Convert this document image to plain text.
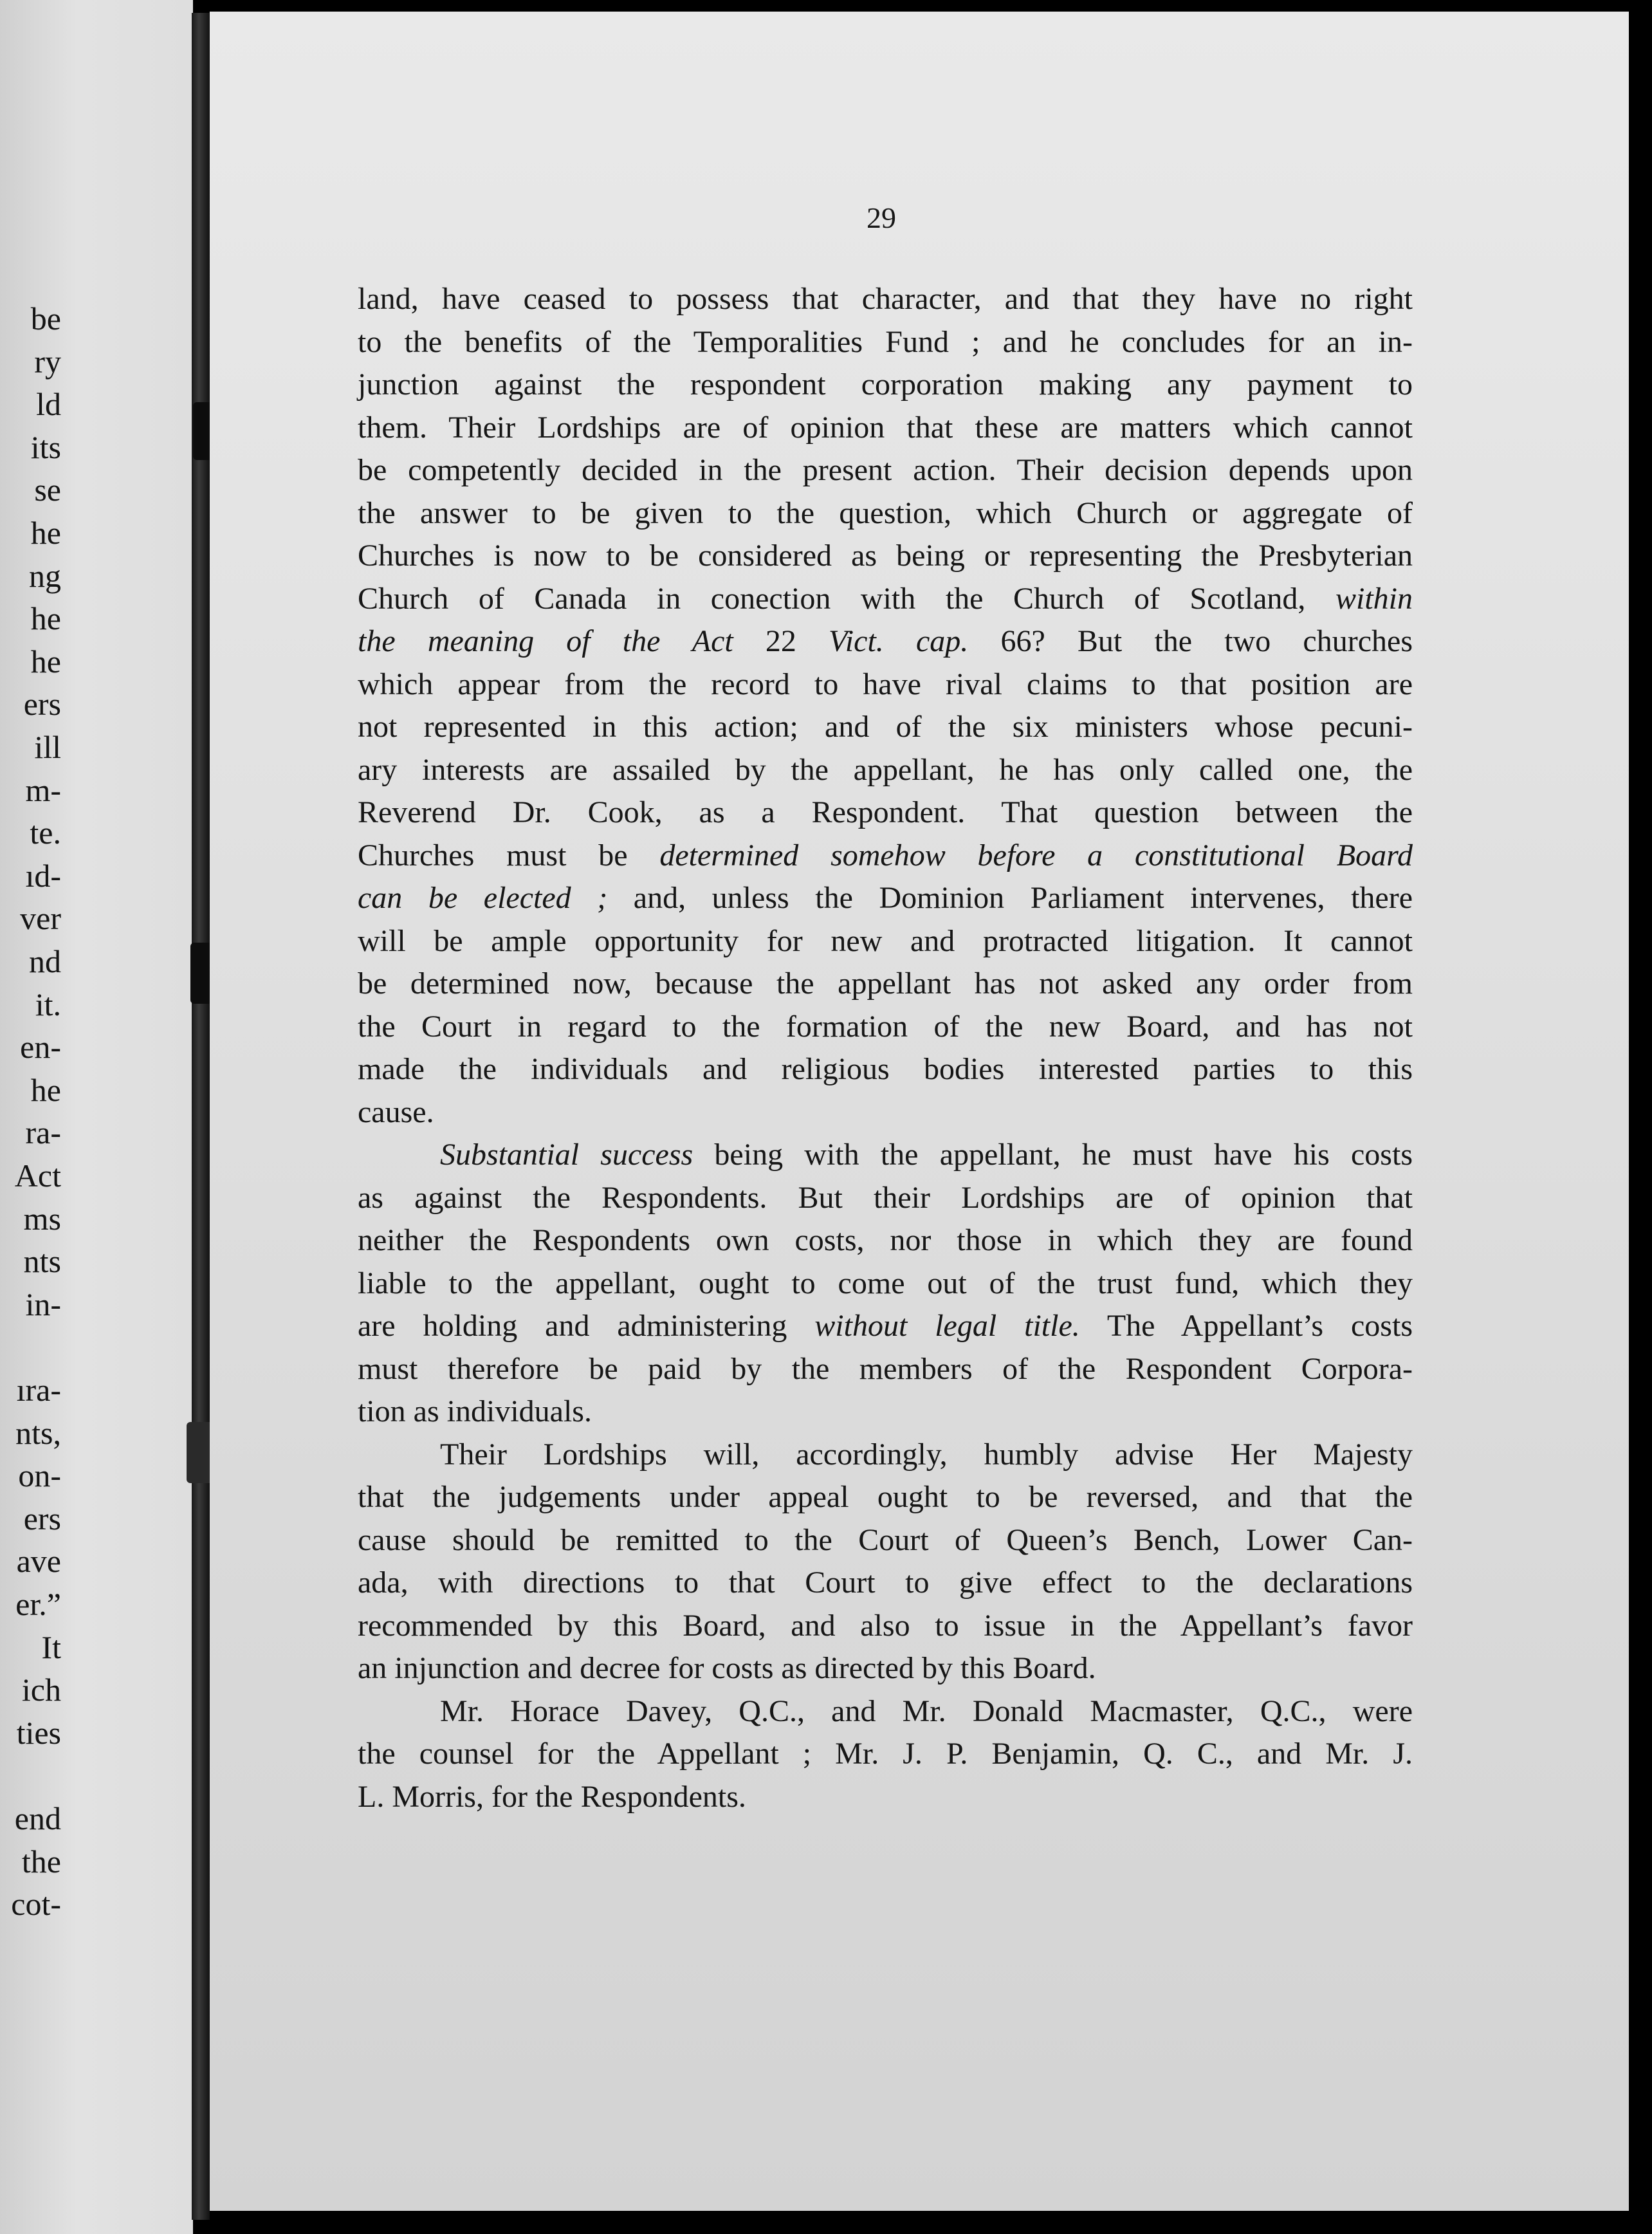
be
ry
ld
its
se
he
ng
he
he
ers
ill
m-
te.
ıd-
ver
nd
it.
en-
he
ra-
Act
ms
nts
in-
ıra-
nts,
on-
ers
ave
er.”
It
ich
ties
end
the
cot-
29
land, have ceased to possess that character, and that they have no right
to the benefits of the Temporalities Fund ; and he concludes for an in-
junction against the respondent corporation making any payment to
them. Their Lordships are of opinion that these are matters which cannot
be competently decided in the present action. Their decision depends upon
the answer to be given to the question, which Church or aggregate of
Churches is now to be considered as being or representing the Presbyterian
Church of Canada in conection with the Church of Scotland, within
the meaning of the Act 22 Vict. cap. 66? But the two churches
which appear from the record to have rival claims to that position are
not represented in this action; and of the six ministers whose pecuni-
ary interests are assailed by the appellant, he has only called one, the
Reverend Dr. Cook, as a Respondent. That question between the
Churches must be determined somehow before a constitutional Board
can be elected ; and, unless the Dominion Parliament intervenes, there
will be ample opportunity for new and protracted litigation. It cannot
be determined now, because the appellant has not asked any order from
the Court in regard to the formation of the new Board, and has not
made the individuals and religious bodies interested parties to this
cause.
Substantial success being with the appellant, he must have his costs
as against the Respondents. But their Lordships are of opinion that
neither the Respondents own costs, nor those in which they are found
liable to the appellant, ought to come out of the trust fund, which they
are holding and administering without legal title. The Appellant’s costs
must therefore be paid by the members of the Respondent Corpora-
tion as individuals.
Their Lordships will, accordingly, humbly advise Her Majesty
that the judgements under appeal ought to be reversed, and that the
cause should be remitted to the Court of Queen’s Bench, Lower Can-
ada, with directions to that Court to give effect to the declarations
recommended by this Board, and also to issue in the Appellant’s favor
an injunction and decree for costs as directed by this Board.
Mr. Horace Davey, Q.C., and Mr. Donald Macmaster, Q.C., were
the counsel for the Appellant ; Mr. J. P. Benjamin, Q. C., and Mr. J.
L. Morris, for the Respondents.
